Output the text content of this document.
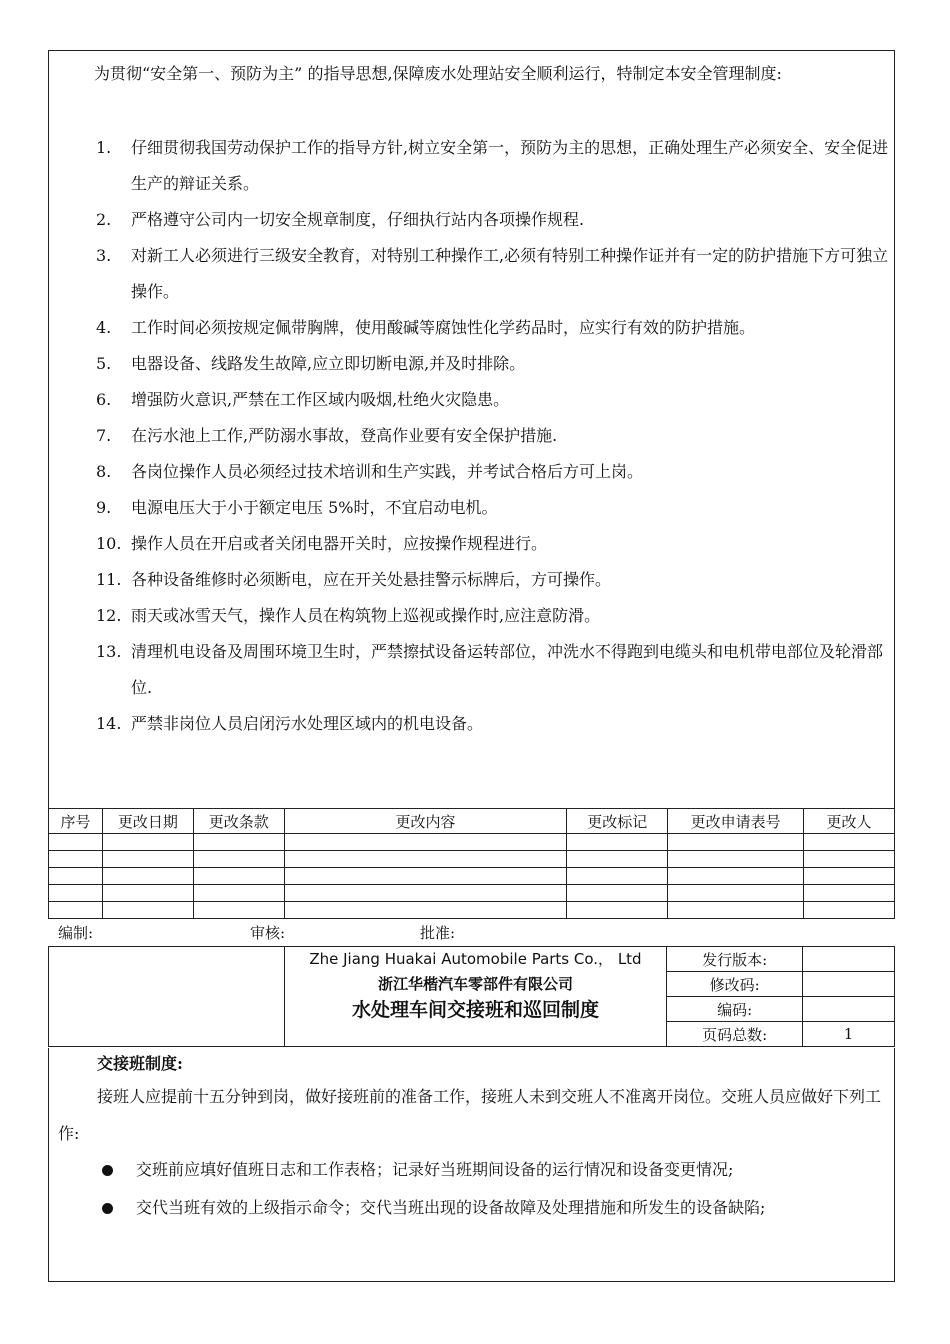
为贯彻“安全第一、预防为主” 的指导思想,保障废水处理站安全顺利运行，特制定本安全管理制度:
1. 仔细贯彻我国劳动保护工作的指导方针,树立安全第一，预防为主的思想，正确处理生产必须安全、安全促进生产的辩证关系。
2. 严格遵守公司内一切安全规章制度，仔细执行站内各项操作规程.
3. 对新工人必须进行三级安全教育，对特别工种操作工,必须有特别工种操作证并有一定的防护措施下方可独立操作。
4. 工作时间必须按规定佩带胸牌，使用酸碱等腐蚀性化学药品时，应实行有效的防护措施。
5. 电器设备、线路发生故障,应立即切断电源,并及时排除。
6. 增强防火意识,严禁在工作区域内吸烟,杜绝火灾隐患。
7. 在污水池上工作,严防溺水事故，登高作业要有安全保护措施.
8. 各岗位操作人员必须经过技术培训和生产实践，并考试合格后方可上岗。
9. 电源电压大于小于额定电压 5%时，不宜启动电机。
10. 操作人员在开启或者关闭电器开关时，应按操作规程进行。
11. 各种设备维修时必须断电，应在开关处悬挂警示标牌后，方可操作。
12. 雨天或冰雪天气，操作人员在构筑物上巡视或操作时,应注意防滑。
13. 清理机电设备及周围环境卫生时，严禁擦拭设备运转部位，冲洗水不得跑到电缆头和电机带电部位及轮滑部位.
14. 严禁非岗位人员启闭污水处理区域内的机电设备。
序号	更改日期	更改条款	更改内容	更改标记	更改申请表号	更改人

编制:	审核:	批准:

	Zhe Jiang Huakai Automobile Parts Co.， Ltd
浙江华楷汽车零部件有限公司
水处理车间交接班和巡回制度	发行版本:	
		修改码:	
		编码:	
		页码总数:	1
交接班制度:
接班人应提前十五分钟到岗，做好接班前的准备工作，接班人未到交班人不准离开岗位。交班人员应做好下列工作:
交班前应填好值班日志和工作表格；记录好当班期间设备的运行情况和设备变更情况;
交代当班有效的上级指示命令；交代当班出现的设备故障及处理措施和所发生的设备缺陷;
